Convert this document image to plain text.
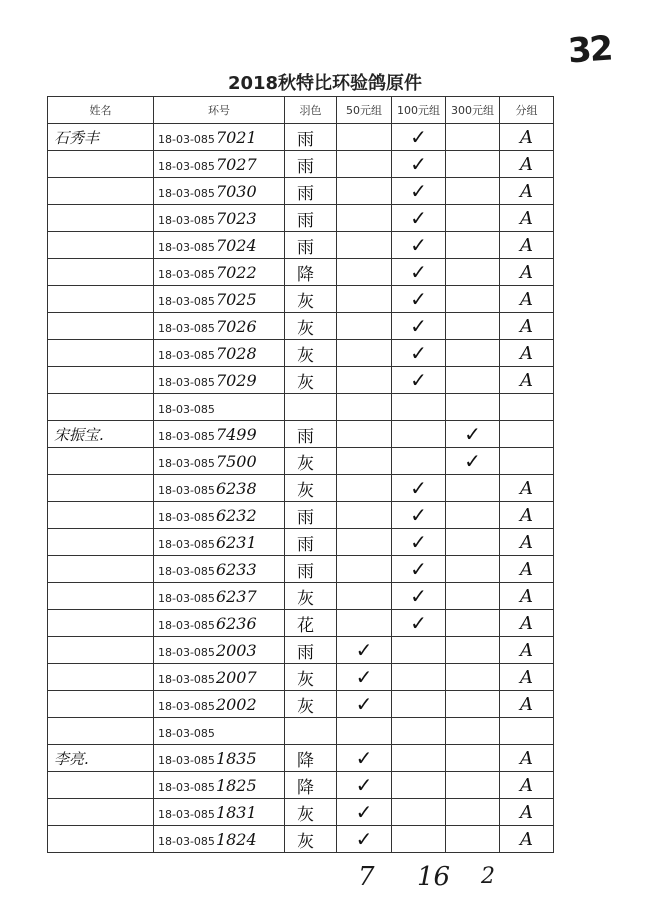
32
2018秋特比环验鸽原件
姓名	环号	羽色	50元组	100元组	300元组	分组
石秀丰	18-03-0857021	雨		✓		A
	18-03-0857027	雨		✓		A
	18-03-0857030	雨		✓		A
	18-03-0857023	雨		✓		A
	18-03-0857024	雨		✓		A
	18-03-0857022	降		✓		A
	18-03-0857025	灰		✓		A
	18-03-0857026	灰		✓		A
	18-03-0857028	灰		✓		A
	18-03-0857029	灰		✓		A
	18-03-085					
宋振宝.	18-03-0857499	雨			✓	
	18-03-0857500	灰			✓	
	18-03-0856238	灰		✓		A
	18-03-0856232	雨		✓		A
	18-03-0856231	雨		✓		A
	18-03-0856233	雨		✓		A
	18-03-0856237	灰		✓		A
	18-03-0856236	花		✓		A
	18-03-0852003	雨	✓			A
	18-03-0852007	灰	✓			A
	18-03-0852002	灰	✓			A
	18-03-085					
李亮.	18-03-0851835	降	✓			A
	18-03-0851825	降	✓			A
	18-03-0851831	灰	✓			A
	18-03-0851824	灰	✓			A
7 16 2
